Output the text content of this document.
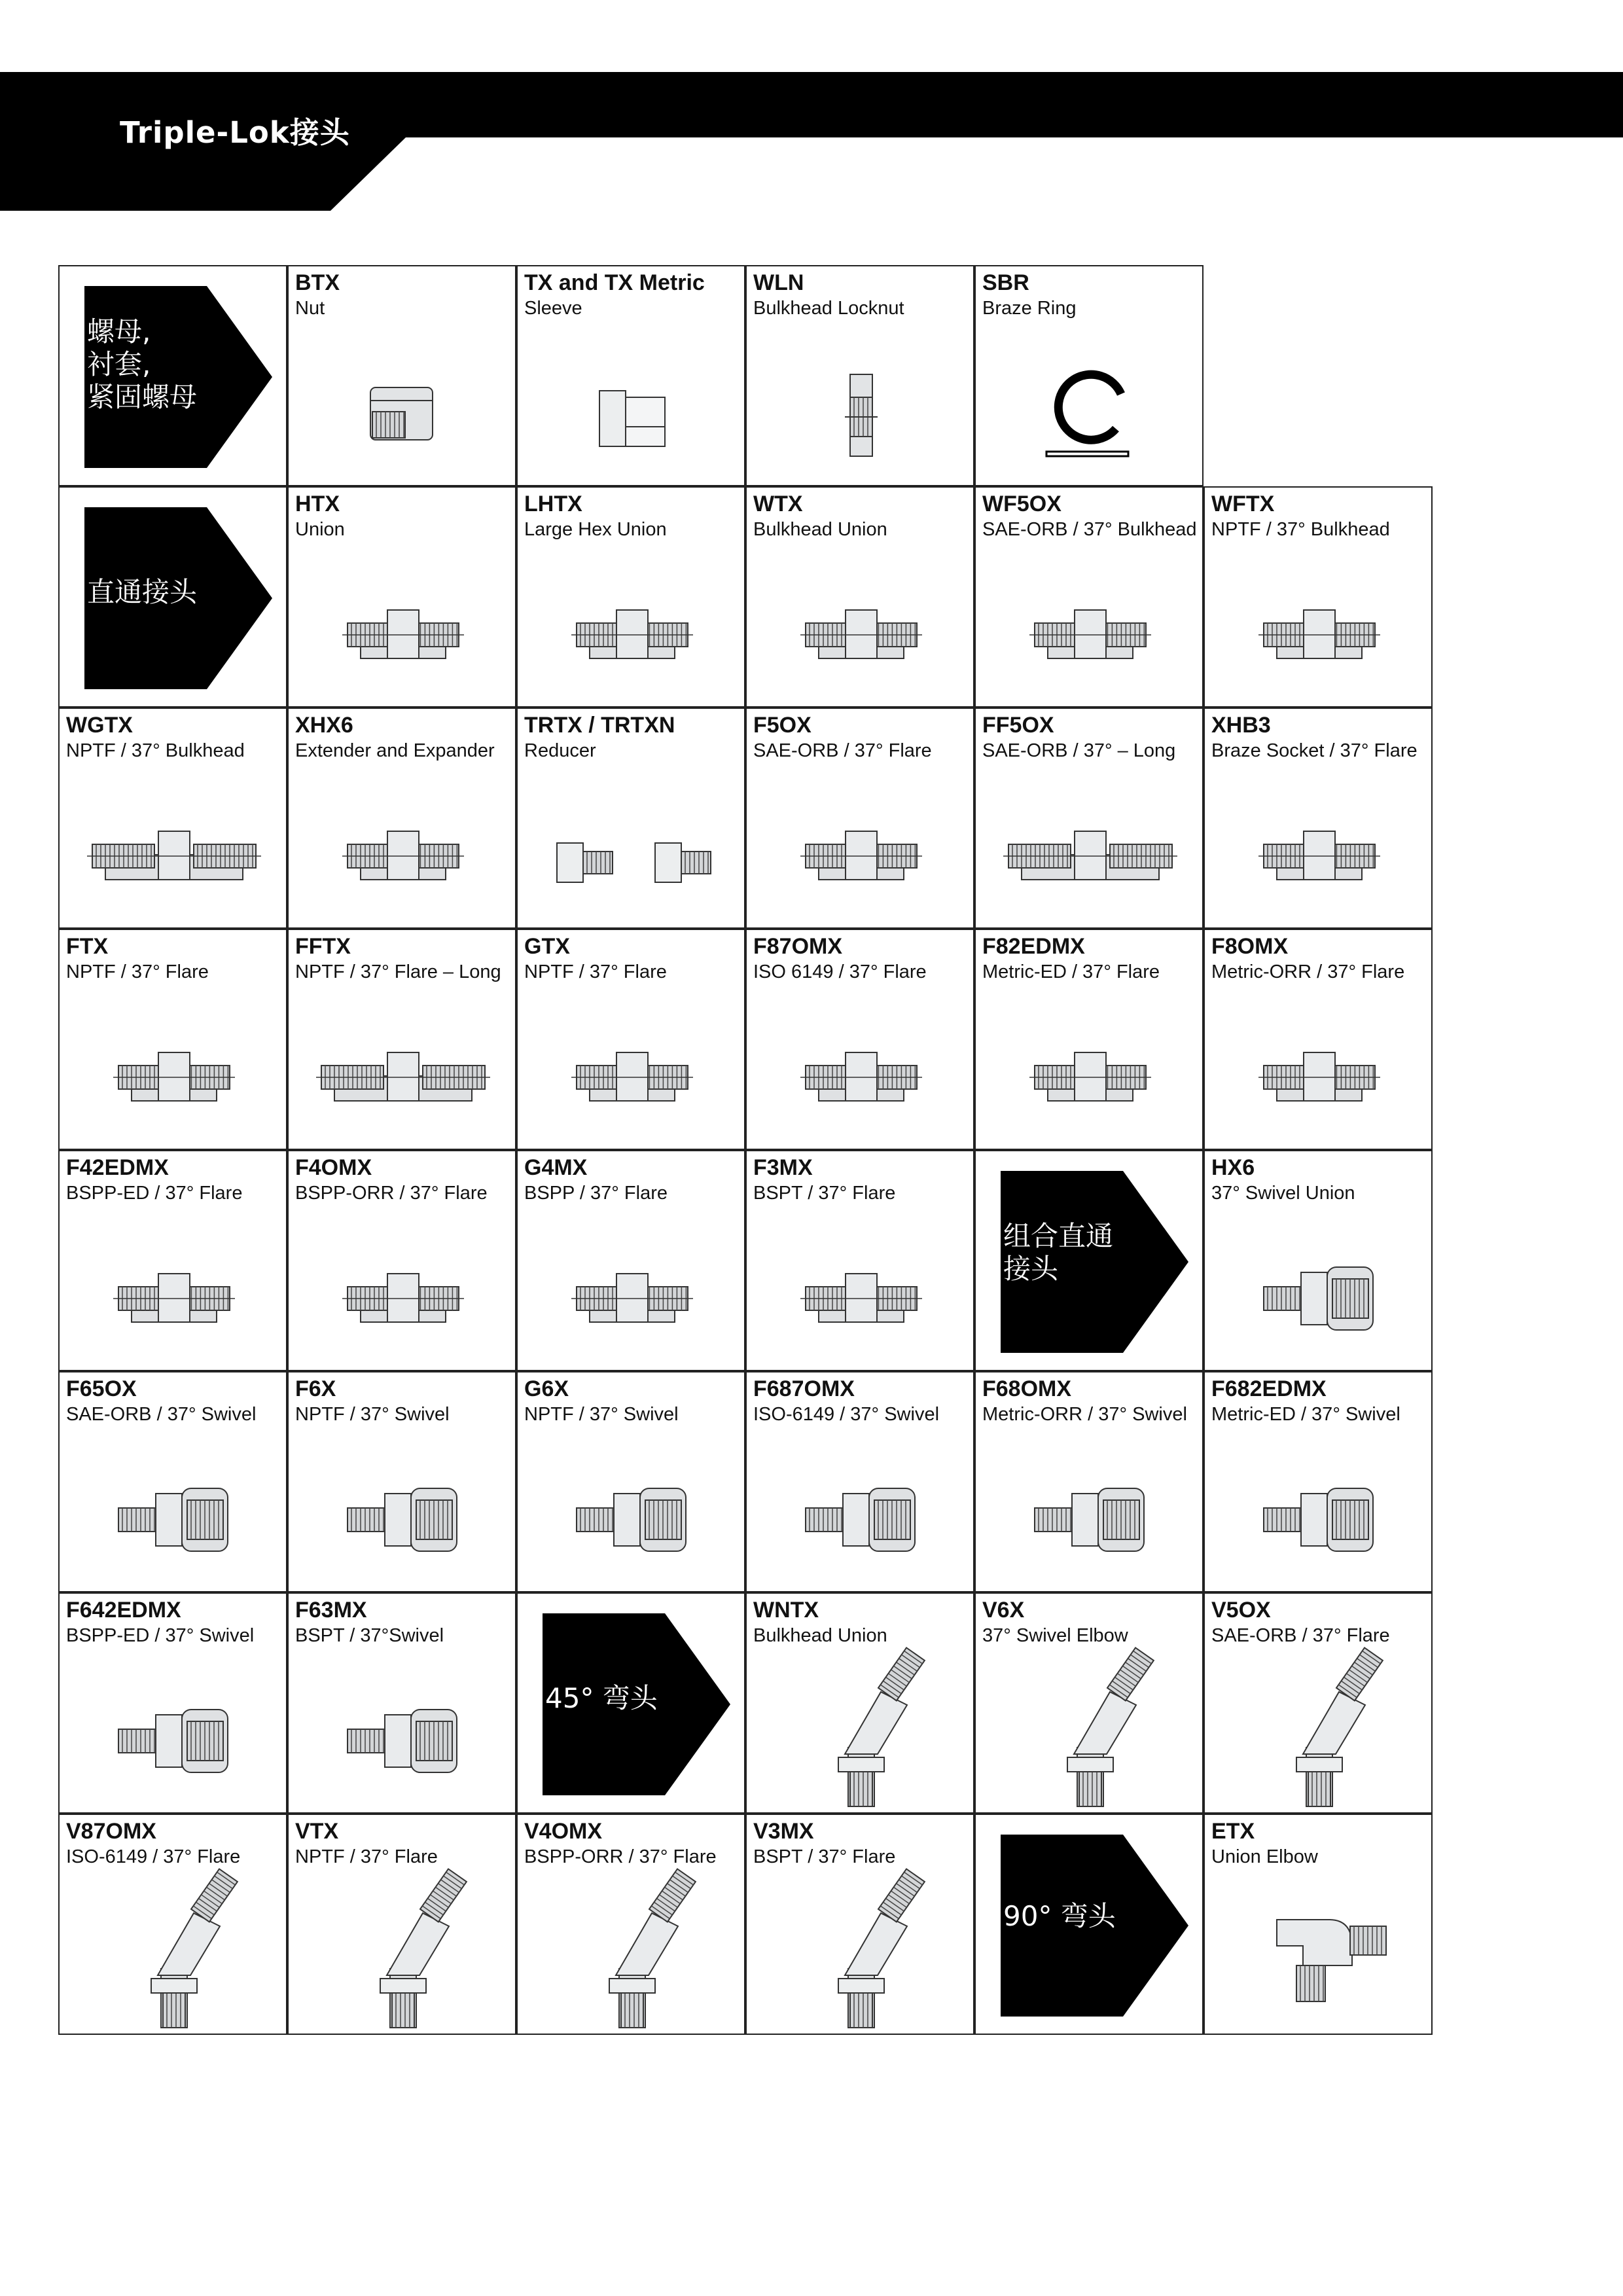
Triple-Lok接头
螺母,
衬套,
紧固螺母
BTX
Nut
TX and TX Metric
Sleeve
WLN
Bulkhead Locknut
SBR
Braze Ring
直通接头
HTX
Union
LHTX
Large Hex Union
WTX
Bulkhead Union
WF5OX
SAE-ORB / 37° Bulkhead
WFTX
NPTF / 37° Bulkhead
WGTX
NPTF / 37° Bulkhead
XHX6
Extender and Expander
TRTX / TRTXN
Reducer
F5OX
SAE-ORB / 37° Flare
FF5OX
SAE-ORB / 37° – Long
XHB3
Braze Socket / 37° Flare
FTX
NPTF / 37° Flare
FFTX
NPTF / 37° Flare – Long
GTX
NPTF / 37° Flare
F87OMX
ISO 6149 / 37° Flare
F82EDMX
Metric-ED / 37° Flare
F8OMX
Metric-ORR / 37° Flare
F42EDMX
BSPP-ED / 37° Flare
F4OMX
BSPP-ORR / 37° Flare
G4MX
BSPP / 37° Flare
F3MX
BSPT / 37° Flare
组合直通
接头
HX6
37° Swivel Union
F65OX
SAE-ORB / 37° Swivel
F6X
NPTF / 37° Swivel
G6X
NPTF / 37° Swivel
F687OMX
ISO-6149 / 37° Swivel
F68OMX
Metric-ORR / 37° Swivel
F682EDMX
Metric-ED / 37° Swivel
F642EDMX
BSPP-ED / 37° Swivel
F63MX
BSPT / 37°Swivel
45° 弯头
WNTX
Bulkhead Union
V6X
37° Swivel Elbow
V5OX
SAE-ORB / 37° Flare
V87OMX
ISO-6149 / 37° Flare
VTX
NPTF / 37° Flare
V4OMX
BSPP-ORR / 37° Flare
V3MX
BSPT / 37° Flare
90° 弯头
ETX
Union Elbow
